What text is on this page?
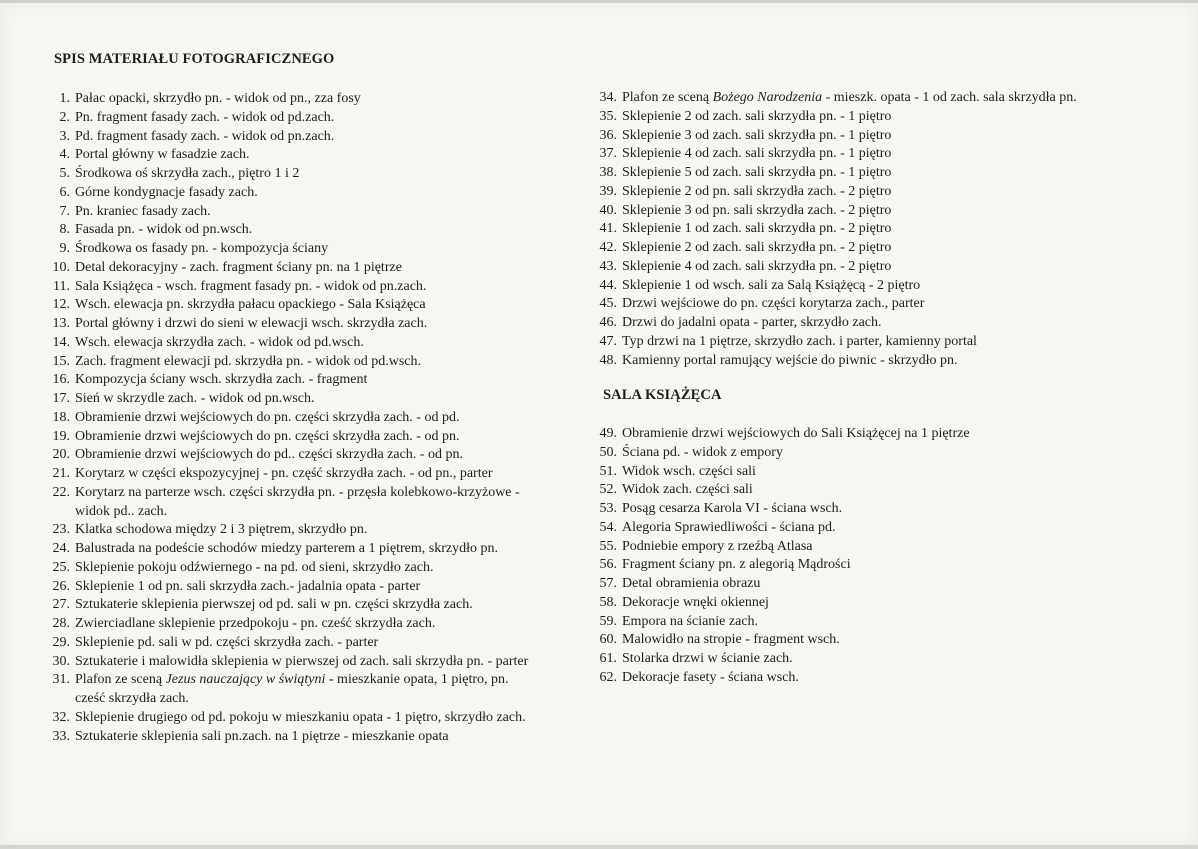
SPIS MATERIAŁU FOTOGRAFICZNEGO
1. Pałac opacki, skrzydło pn. - widok od pn., zza fosy
2. Pn. fragment fasady zach. - widok od pd.zach.
3. Pd. fragment fasady zach. - widok od pn.zach.
4. Portal główny w fasadzie zach.
5. Środkowa oś skrzydła zach., piętro 1 i 2
6. Górne kondygnacje fasady zach.
7. Pn. kraniec fasady zach.
8. Fasada pn. - widok od pn.wsch.
9. Środkowa os fasady pn. - kompozycja ściany
10. Detal dekoracyjny - zach. fragment ściany pn. na 1 piętrze
11. Sala Książęca - wsch. fragment fasady pn. - widok od pn.zach.
12. Wsch. elewacja pn. skrzydła pałacu opackiego - Sala Książęca
13. Portal główny i drzwi do sieni w elewacji wsch. skrzydła zach.
14. Wsch. elewacja skrzydła zach. - widok od pd.wsch.
15. Zach. fragment elewacji pd. skrzydła pn. - widok od pd.wsch.
16. Kompozycja ściany wsch. skrzydła zach. - fragment
17. Sień w skrzydle zach. - widok od pn.wsch.
18. Obramienie drzwi wejściowych do pn. części skrzydła zach. - od pd.
19. Obramienie drzwi wejściowych do pn. części skrzydła zach. - od pn.
20. Obramienie drzwi wejściowych do pd.. części skrzydła zach. - od pn.
21. Korytarz w części ekspozycyjnej - pn. część skrzydła zach. - od pn., parter
22. Korytarz na parterze wsch. części skrzydła pn. - przęsła kolebkowo-krzyżowe -
widok pd.. zach.
23. Klatka schodowa między 2 i 3 piętrem, skrzydło pn.
24. Balustrada na podeście schodów miedzy parterem a 1 piętrem, skrzydło pn.
25. Sklepienie pokoju odźwiernego - na pd. od sieni, skrzydło zach.
26. Sklepienie 1 od pn. sali skrzydła zach.- jadalnia opata - parter
27. Sztukaterie sklepienia pierwszej od pd. sali w pn. części skrzydła zach.
28. Zwierciadlane sklepienie przedpokoju - pn. cześć skrzydła zach.
29. Sklepienie pd. sali w pd. części skrzydła zach. - parter
30. Sztukaterie i malowidła sklepienia w pierwszej od zach. sali skrzydła pn. - parter
31. Plafon ze sceną Jezus nauczający w świątyni - mieszkanie opata, 1 piętro, pn.
cześć skrzydła zach.
32. Sklepienie drugiego od pd. pokoju w mieszkaniu opata - 1 piętro, skrzydło zach.
33. Sztukaterie sklepienia sali pn.zach. na 1 piętrze - mieszkanie opata
34. Plafon ze sceną Bożego Narodzenia - mieszk. opata - 1 od zach. sala skrzydła pn.
35. Sklepienie 2 od zach. sali skrzydła pn. - 1 piętro
36. Sklepienie 3 od zach. sali skrzydła pn. - 1 piętro
37. Sklepienie 4 od zach. sali skrzydła pn. - 1 piętro
38. Sklepienie 5 od zach. sali skrzydła pn. - 1 piętro
39. Sklepienie 2 od pn. sali skrzydła zach. - 2 piętro
40. Sklepienie 3 od pn. sali skrzydła zach. - 2 piętro
41. Sklepienie 1 od zach. sali skrzydła pn. - 2 piętro
42. Sklepienie 2 od zach. sali skrzydła pn. - 2 piętro
43. Sklepienie 4 od zach. sali skrzydła pn. - 2 piętro
44. Sklepienie 1 od wsch. sali za Salą Książęcą - 2 piętro
45. Drzwi wejściowe do pn. części korytarza zach., parter
46. Drzwi do jadalni opata - parter, skrzydło zach.
47. Typ drzwi na 1 piętrze, skrzydło zach. i parter, kamienny portal
48. Kamienny portal ramujący wejście do piwnic - skrzydło pn.
SALA KSIĄŻĘCA
49. Obramienie drzwi wejściowych do Sali Książęcej na 1 piętrze
50. Ściana pd. - widok z empory
51. Widok wsch. części sali
52. Widok zach. części sali
53. Posąg cesarza Karola VI - ściana wsch.
54. Alegoria Sprawiedliwości - ściana pd.
55. Podniebie empory z rzeźbą Atlasa
56. Fragment ściany pn. z alegorią Mądrości
57. Detal obramienia obrazu
58. Dekoracje wnęki okiennej
59. Empora na ścianie zach.
60. Malowidło na stropie - fragment wsch.
61. Stolarka drzwi w ścianie zach.
62. Dekoracje fasety - ściana wsch.
